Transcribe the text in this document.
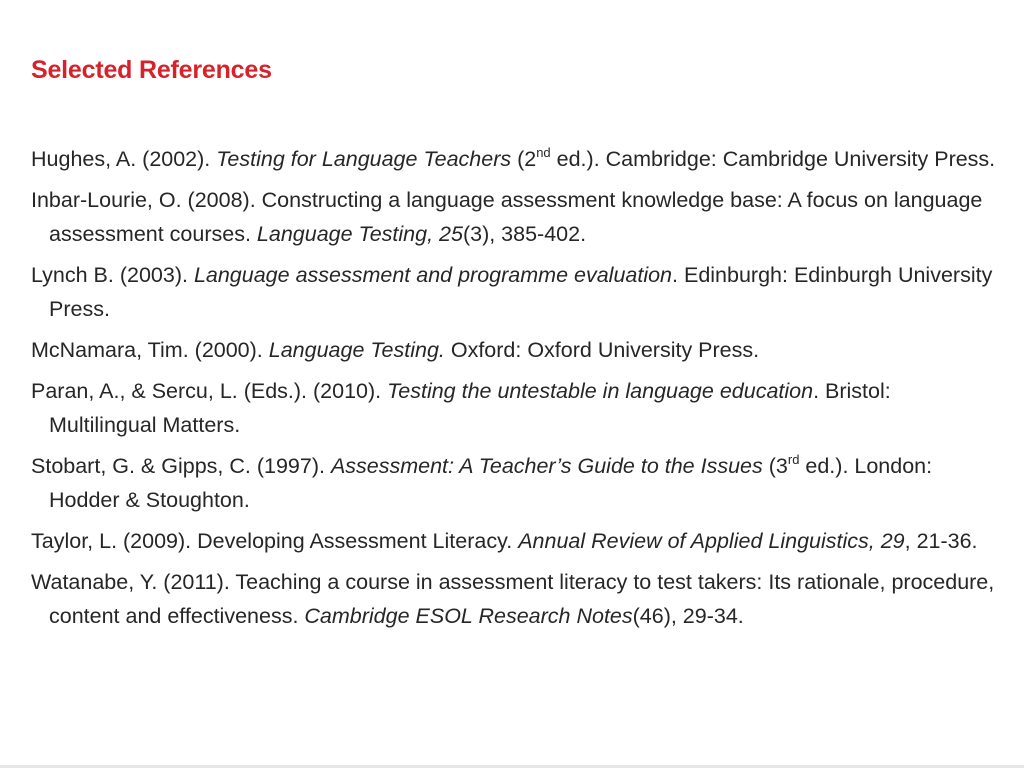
Selected References
Hughes, A. (2002). Testing for Language Teachers (2nd ed.). Cambridge: Cambridge University Press.
Inbar-Lourie, O. (2008). Constructing a language assessment knowledge base: A focus on language assessment courses. Language Testing, 25(3), 385-402.
Lynch B. (2003). Language assessment and programme evaluation. Edinburgh: Edinburgh University Press.
McNamara, Tim. (2000). Language Testing. Oxford: Oxford University Press.
Paran, A., & Sercu, L. (Eds.). (2010). Testing the untestable in language education. Bristol: Multilingual Matters.
Stobart, G. & Gipps, C. (1997). Assessment: A Teacher’s Guide to the Issues (3rd ed.). London: Hodder & Stoughton.
Taylor, L. (2009). Developing Assessment Literacy. Annual Review of Applied Linguistics, 29, 21-36.
Watanabe, Y. (2011). Teaching a course in assessment literacy to test takers: Its rationale, procedure, content and effectiveness. Cambridge ESOL Research Notes(46), 29-34.
